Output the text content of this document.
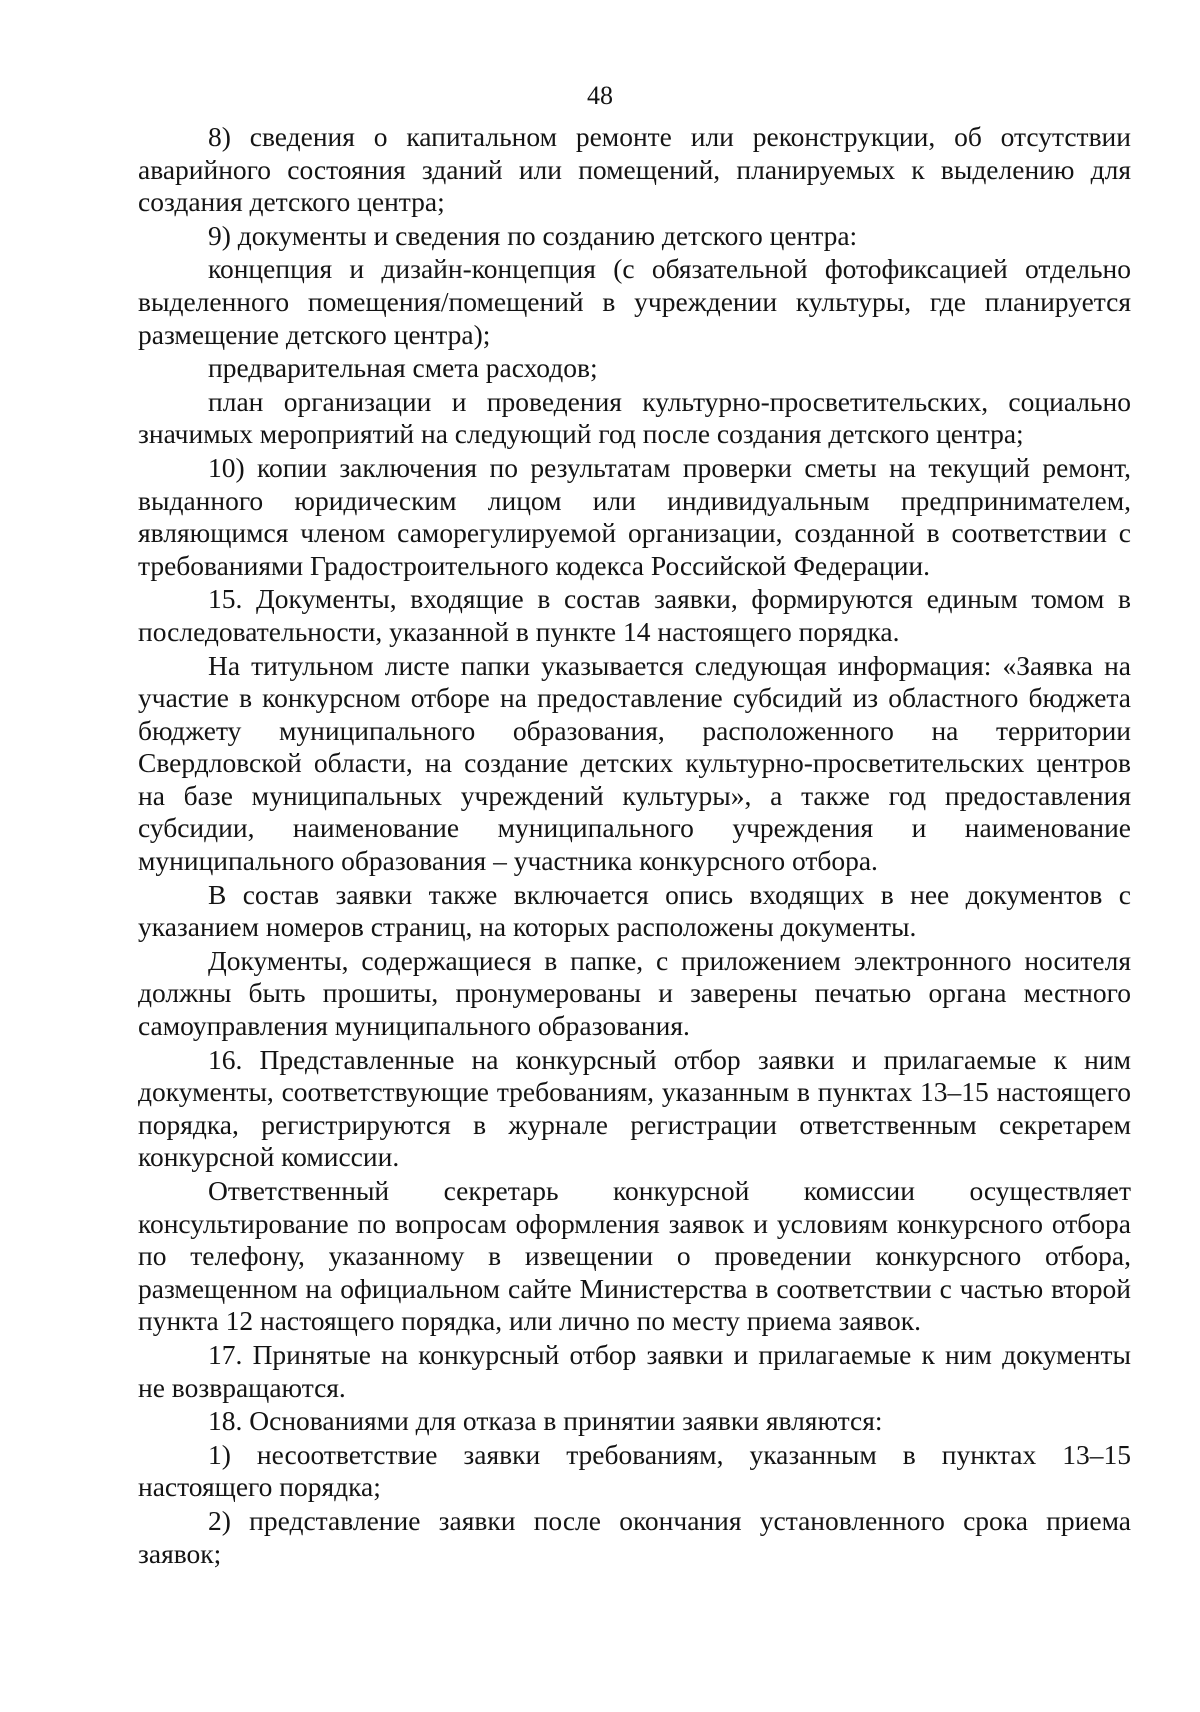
48

8) сведения о капитальном ремонте или реконструкции, об отсутствии аварийного состояния зданий или помещений, планируемых к выделению для создания детского центра;

9) документы и сведения по созданию детского центра:

концепция и дизайн-концепция (с обязательной фотофиксацией отдельно выделенного помещения/помещений в учреждении культуры, где планируется размещение детского центра);

предварительная смета расходов;

план организации и проведения культурно-просветительских, социально значимых мероприятий на следующий год после создания детского центра;

10) копии заключения по результатам проверки сметы на текущий ремонт, выданного юридическим лицом или индивидуальным предпринимателем, являющимся членом саморегулируемой организации, созданной в соответствии с требованиями Градостроительного кодекса Российской Федерации.

15. Документы, входящие в состав заявки, формируются единым томом в последовательности, указанной в пункте 14 настоящего порядка.

На титульном листе папки указывается следующая информация: «Заявка на участие в конкурсном отборе на предоставление субсидий из областного бюджета бюджету муниципального образования, расположенного на территории Свердловской области, на создание детских культурно-просветительских центров на базе муниципальных учреждений культуры», а также год предоставления субсидии, наименование муниципального учреждения и наименование муниципального образования – участника конкурсного отбора.

В состав заявки также включается опись входящих в нее документов с указанием номеров страниц, на которых расположены документы.

Документы, содержащиеся в папке, с приложением электронного носителя должны быть прошиты, пронумерованы и заверены печатью органа местного самоуправления муниципального образования.

16. Представленные на конкурсный отбор заявки и прилагаемые к ним документы, соответствующие требованиям, указанным в пунктах 13–15 настоящего порядка, регистрируются в журнале регистрации ответственным секретарем конкурсной комиссии.

Ответственный секретарь конкурсной комиссии осуществляет консультирование по вопросам оформления заявок и условиям конкурсного отбора по телефону, указанному в извещении о проведении конкурсного отбора, размещенном на официальном сайте Министерства в соответствии с частью второй пункта 12 настоящего порядка, или лично по месту приема заявок.

17. Принятые на конкурсный отбор заявки и прилагаемые к ним документы не возвращаются.

18. Основаниями для отказа в принятии заявки являются:

1) несоответствие заявки требованиям, указанным в пунктах 13–15 настоящего порядка;

2) представление заявки после окончания установленного срока приема заявок;
